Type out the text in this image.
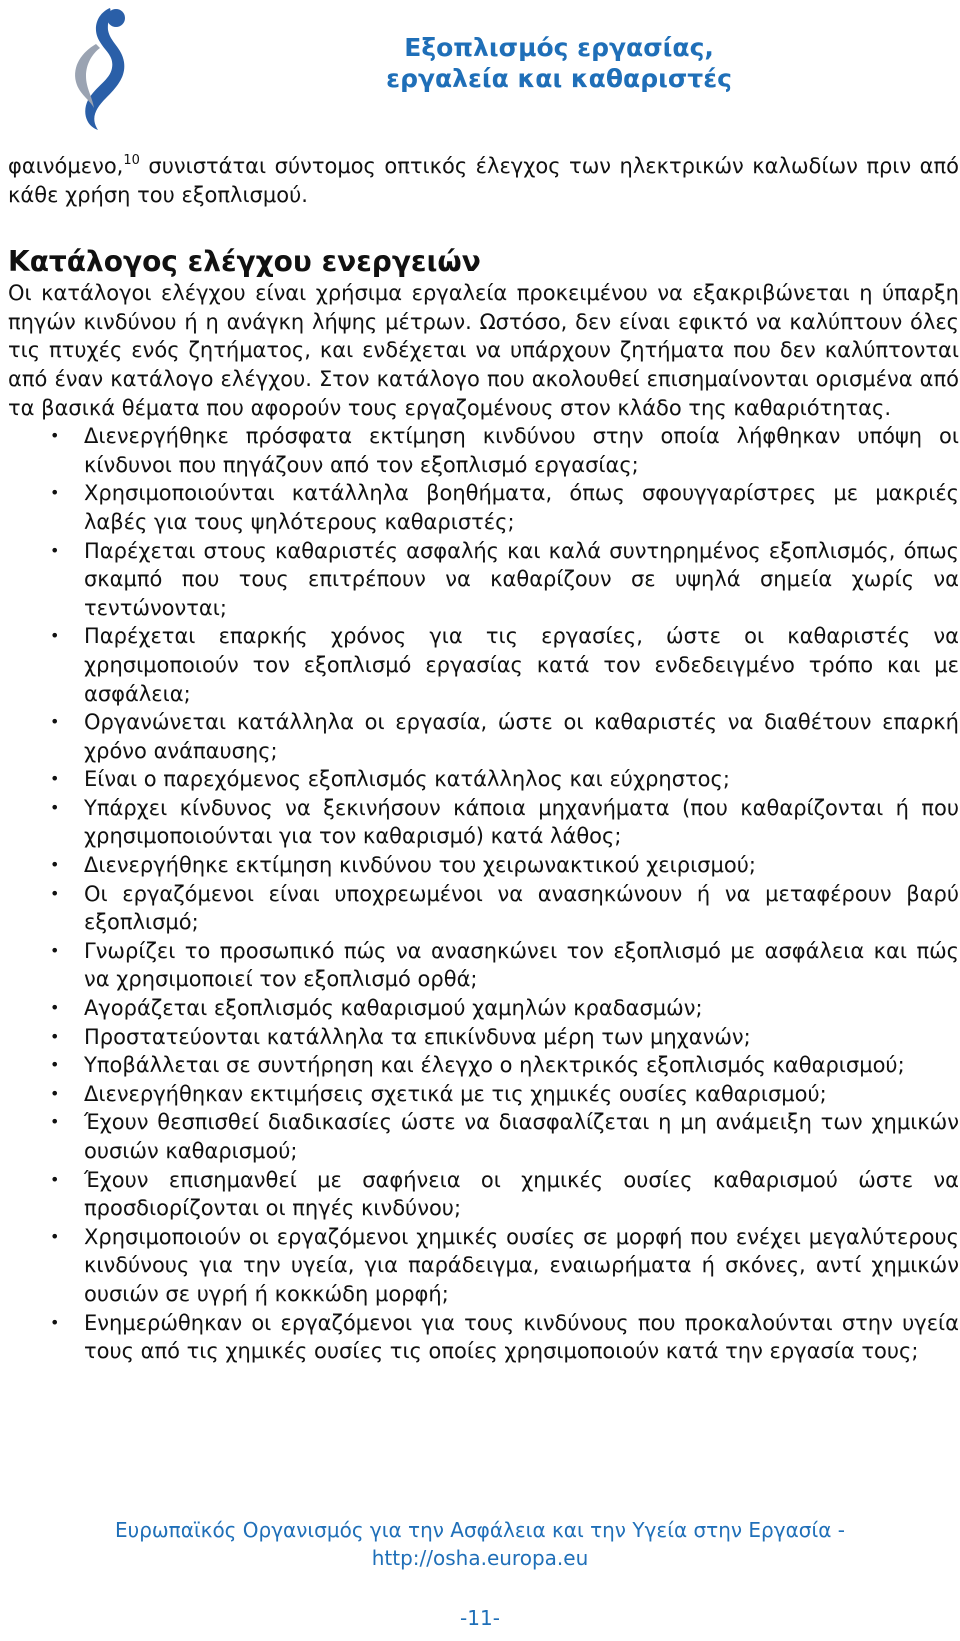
Εξοπλισμός εργασίας,
εργαλεία και καθαριστές

φαινόμενο,$^{10}$ συνιστάται σύντομος οπτικός έλεγχος των ηλεκτρικών καλωδίων πριν από κάθε χρήση του εξοπλισμού.

Κατάλογος ελέγχου ενεργειών

Οι κατάλογοι ελέγχου είναι χρήσιμα εργαλεία προκειμένου να εξακριβώνεται η ύπαρξη πηγών κινδύνου ή η ανάγκη λήψης μέτρων. Ωστόσο, δεν είναι εφικτό να καλύπτουν όλες τις πτυχές ενός ζητήματος, και ενδέχεται να υπάρχουν ζητήματα που δεν καλύπτονται από έναν κατάλογο ελέγχου. Στον κατάλογο που ακολουθεί επισημαίνονται ορισμένα από τα βασικά θέματα που αφορούν τους εργαζομένους στον κλάδο της καθαριότητας.

• Διενεργήθηκε πρόσφατα εκτίμηση κινδύνου στην οποία λήφθηκαν υπόψη οι κίνδυνοι που πηγάζουν από τον εξοπλισμό εργασίας;
• Χρησιμοποιούνται κατάλληλα βοηθήματα, όπως σφουγγαρίστρες με μακριές λαβές για τους ψηλότερους καθαριστές;
• Παρέχεται στους καθαριστές ασφαλής και καλά συντηρημένος εξοπλισμός, όπως σκαμπό που τους επιτρέπουν να καθαρίζουν σε υψηλά σημεία χωρίς να τεντώνονται;
• Παρέχεται επαρκής χρόνος για τις εργασίες, ώστε οι καθαριστές να χρησιμοποιούν τον εξοπλισμό εργασίας κατά τον ενδεδειγμένο τρόπο και με ασφάλεια;
• Οργανώνεται κατάλληλα οι εργασία, ώστε οι καθαριστές να διαθέτουν επαρκή χρόνο ανάπαυσης;
• Είναι ο παρεχόμενος εξοπλισμός κατάλληλος και εύχρηστος;
• Υπάρχει κίνδυνος να ξεκινήσουν κάποια μηχανήματα (που καθαρίζονται ή που χρησιμοποιούνται για τον καθαρισμό) κατά λάθος;
• Διενεργήθηκε εκτίμηση κινδύνου του χειρωνακτικού χειρισμού;
• Οι εργαζόμενοι είναι υποχρεωμένοι να ανασηκώνουν ή να μεταφέρουν βαρύ εξοπλισμό;
• Γνωρίζει το προσωπικό πώς να ανασηκώνει τον εξοπλισμό με ασφάλεια και πώς να χρησιμοποιεί τον εξοπλισμό ορθά;
• Αγοράζεται εξοπλισμός καθαρισμού χαμηλών κραδασμών;
• Προστατεύονται κατάλληλα τα επικίνδυνα μέρη των μηχανών;
• Υποβάλλεται σε συντήρηση και έλεγχο ο ηλεκτρικός εξοπλισμός καθαρισμού;
• Διενεργήθηκαν εκτιμήσεις σχετικά με τις χημικές ουσίες καθαρισμού;
• Έχουν θεσπισθεί διαδικασίες ώστε να διασφαλίζεται η μη ανάμειξη των χημικών ουσιών καθαρισμού;
• Έχουν επισημανθεί με σαφήνεια οι χημικές ουσίες καθαρισμού ώστε να προσδιορίζονται οι πηγές κινδύνου;
• Χρησιμοποιούν οι εργαζόμενοι χημικές ουσίες σε μορφή που ενέχει μεγαλύτερους κινδύνους για την υγεία, για παράδειγμα, εναιωρήματα ή σκόνες, αντί χημικών ουσιών σε υγρή ή κοκκώδη μορφή;
• Ενημερώθηκαν οι εργαζόμενοι για τους κινδύνους που προκαλούνται στην υγεία τους από τις χημικές ουσίες τις οποίες χρησιμοποιούν κατά την εργασία τους;
Ευρωπαϊκός Οργανισμός για την Ασφάλεια και την Υγεία στην Εργασία -
http://osha.europa.eu
-11-
